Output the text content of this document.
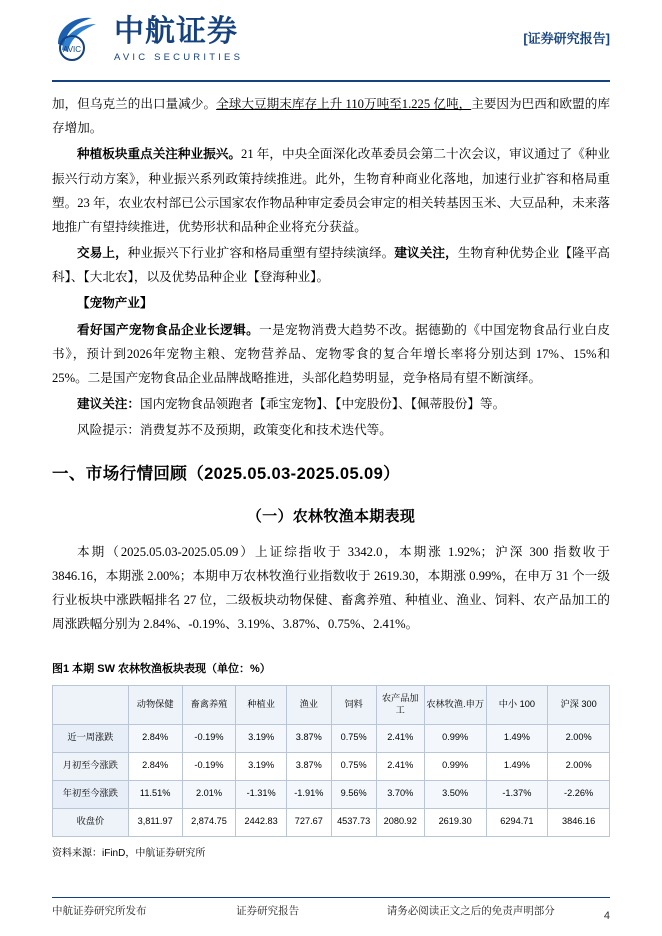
AVIC
中航证券
AVIC SECURITIES
[证券研究报告]

加，但乌克兰的出口量减少。全球大豆期末库存上升 110万吨至1.225 亿吨，主要因为巴西和欧盟的库存增加。

种植板块重点关注种业振兴。21 年，中央全面深化改革委员会第二十次会议，审议通过了《种业振兴行动方案》，种业振兴系列政策持续推进。此外，生物育种商业化落地，加速行业扩容和格局重塑。23 年，农业农村部已公示国家农作物品种审定委员会审定的相关转基因玉米、大豆品种，未来落地推广有望持续推进，优势形状和品种企业将充分获益。

交易上，种业振兴下行业扩容和格局重塑有望持续演绎。建议关注，生物育种优势企业【隆平高科】、【大北农】，以及优势品种企业【登海种业】。

【宠物产业】

看好国产宠物食品企业长逻辑。一是宠物消费大趋势不改。据德勤的《中国宠物食品行业白皮书》，预计到2026年宠物主粮、宠物营养品、宠物零食的复合年增长率将分别达到 17%、15%和 25%。二是国产宠物食品企业品牌战略推进，头部化趋势明显，竞争格局有望不断演绎。

建议关注：国内宠物食品领跑者【乖宝宠物】、【中宠股份】、【佩蒂股份】等。

风险提示：消费复苏不及预期，政策变化和技术迭代等。

一、市场行情回顾（2025.05.03-2025.05.09）
（一）农林牧渔本期表现

本期（2025.05.03-2025.05.09）上证综指收于 3342.0，本期涨 1.92%；沪深 300 指数收于 3846.16，本期涨 2.00%；本期申万农林牧渔行业指数收于 2619.30，本期涨 0.99%，在申万 31 个一级行业板块中涨跌幅排名 27 位，二级板块动物保健、畜禽养殖、种植业、渔业、饲料、农产品加工的周涨跌幅分别为 2.84%、-0.19%、3.19%、3.87%、0.75%、2.41%。

图1 本期 SW 农林牧渔板块表现（单位：%）
	动物保健	畜禽养殖	种植业	渔业	饲料	农产品加工	农林牧渔.申万	中小 100	沪深 300
近一周涨跌	2.84%	-0.19%	3.19%	3.87%	0.75%	2.41%	0.99%	1.49%	2.00%
月初至今涨跌	2.84%	-0.19%	3.19%	3.87%	0.75%	2.41%	0.99%	1.49%	2.00%
年初至今涨跌	11.51%	2.01%	-1.31%	-1.91%	9.56%	3.70%	3.50%	-1.37%	-2.26%
收盘价	3,811.97	2,874.75	2442.83	727.67	4537.73	2080.92	2619.30	6294.71	3846.16
资料来源：iFinD，中航证券研究所
中航证券研究所发布	证券研究报告	请务必阅读正文之后的免责声明部分	4
